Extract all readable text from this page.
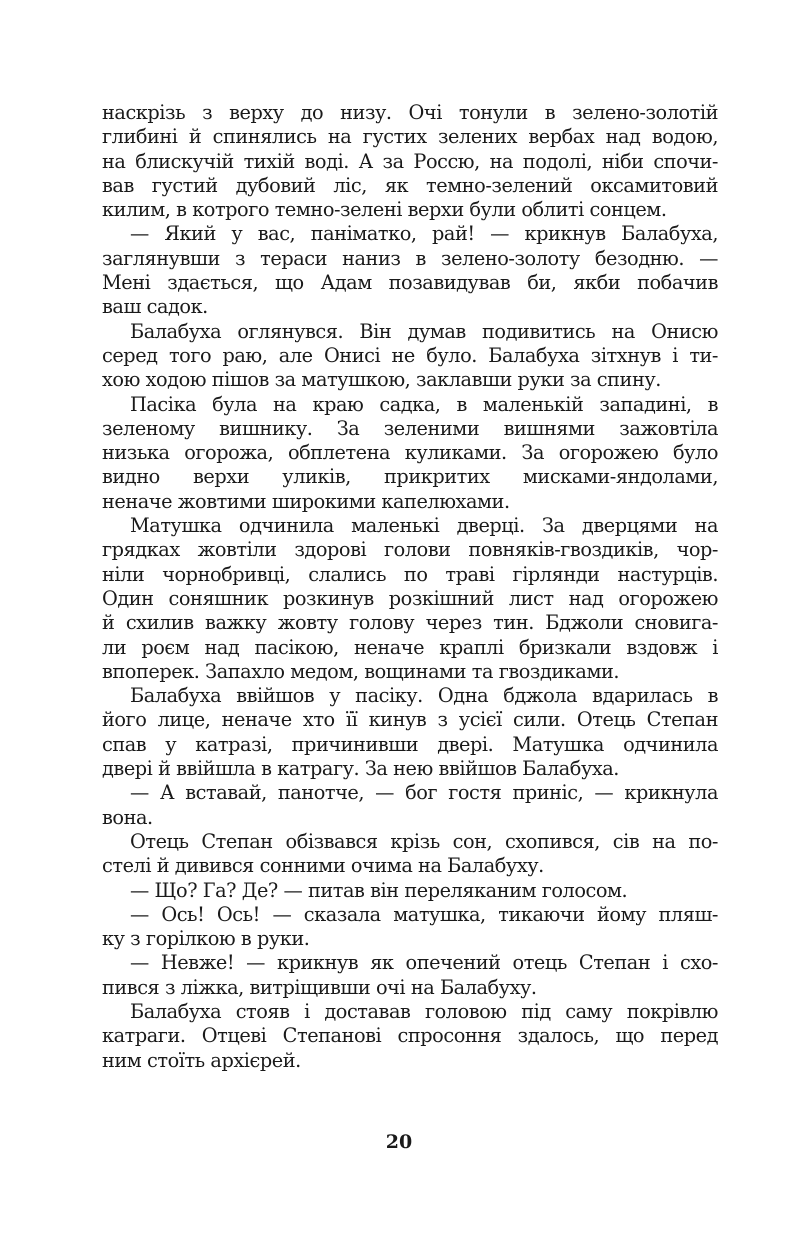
наскрізь з верху до низу. Очі тонули в зелено-золотій
глибині й спинялись на густих зелених вербах над водою,
на блискучій тихій воді. А за Россю, на подолі, ніби спочи-
вав густий дубовий ліс, як темно-зелений оксамитовий
килим, в котрого темно-зелені верхи були облиті сонцем.
— Який у вас, паніматко, рай! — крикнув Балабуха,
заглянувши з тераси наниз в зелено-золоту безодню. —
Мені здається, що Адам позавидував би, якби побачив
ваш садок.
Балабуха оглянувся. Він думав подивитись на Онисю
серед того раю, але Онисі не було. Балабуха зітхнув і ти-
хою ходою пішов за матушкою, заклавши руки за спину.
Пасіка була на краю садка, в маленькій западині, в
зеленому вишнику. За зеленими вишнями зажовтіла
низька огорожа, обплетена куликами. За огорожею було
видно верхи уликів, прикритих мисками-яндолами,
неначе жовтими широкими капелюхами.
Матушка одчинила маленькі дверці. За дверцями на
грядках жовтіли здорові голови повняків-гвоздиків, чор-
ніли чорнобривці, слались по траві гірлянди настурців.
Один соняшник розкинув розкішний лист над огорожею
й схилив важку жовту голову через тин. Бджоли сновига-
ли роєм над пасікою, неначе краплі бризкали вздовж і
впоперек. Запахло медом, вощинами та гвоздиками.
Балабуха ввійшов у пасіку. Одна бджола вдарилась в
його лице, неначе хто її кинув з усієї сили. Отець Степан
спав у катразі, причинивши двері. Матушка одчинила
двері й ввійшла в катрагу. За нею ввійшов Балабуха.
— А вставай, панотче, — бог гостя приніс, — крикнула
вона.
Отець Степан обізвався крізь сон, схопився, сів на по-
стелі й дивився сонними очима на Балабуху.
— Що? Га? Де? — питав він переляканим голосом.
— Ось! Ось! — сказала матушка, тикаючи йому пляш-
ку з горілкою в руки.
— Невже! — крикнув як опечений отець Степан і схо-
пився з ліжка, витріщивши очі на Балабуху.
Балабуха стояв і доставав головою під саму покрівлю
катраги. Отцеві Степанові спросоння здалось, що перед
ним стоїть архієрей.
20
